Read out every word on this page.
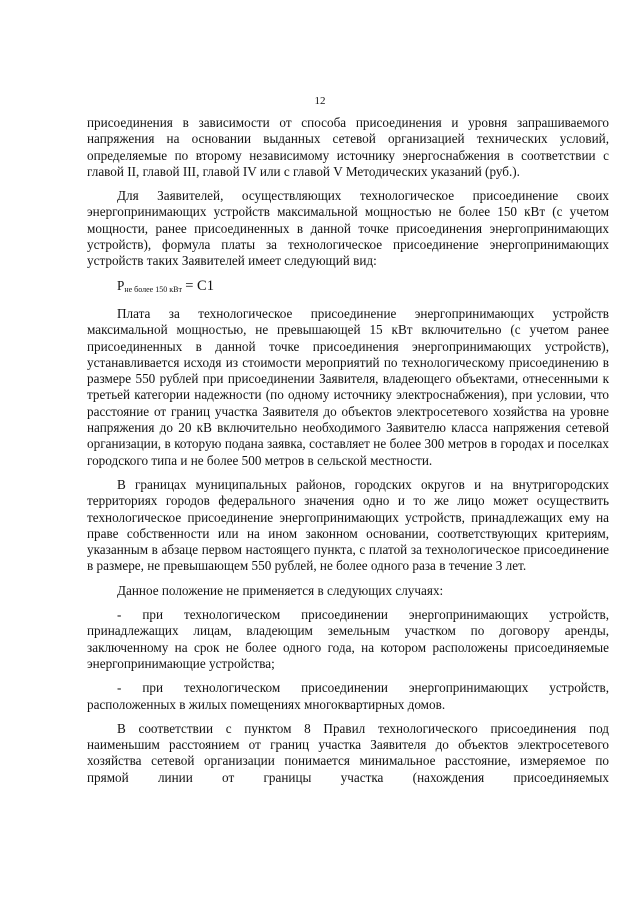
12

присоединения в зависимости от способа присоединения и уровня запрашиваемого напряжения на основании выданных сетевой организацией технических условий, определяемые по второму независимому источнику энергоснабжения в соответствии с главой II, главой III, главой IV или с главой V Методических указаний (руб.).

Для Заявителей, осуществляющих технологическое присоединение своих энергопринимающих устройств максимальной мощностью не более 150 кВт (с учетом мощности, ранее присоединенных в данной точке присоединения энергопринимающих устройств), формула платы за технологическое присоединение энергопринимающих устройств таких Заявителей имеет следующий вид:

$P_{не более 150 кВт} = С1$

Плата за технологическое присоединение энергопринимающих устройств максимальной мощностью, не превышающей 15 кВт включительно (с учетом ранее присоединенных в данной точке присоединения энергопринимающих устройств), устанавливается исходя из стоимости мероприятий по технологическому присоединению в размере 550 рублей при присоединении Заявителя, владеющего объектами, отнесенными к третьей категории надежности (по одному источнику электроснабжения), при условии, что расстояние от границ участка Заявителя до объектов электросетевого хозяйства на уровне напряжения до 20 кВ включительно необходимого Заявителю класса напряжения сетевой организации, в которую подана заявка, составляет не более 300 метров в городах и поселках городского типа и не более 500 метров в сельской местности.

В границах муниципальных районов, городских округов и на внутригородских территориях городов федерального значения одно и то же лицо может осуществить технологическое присоединение энергопринимающих устройств, принадлежащих ему на праве собственности или на ином законном основании, соответствующих критериям, указанным в абзаце первом настоящего пункта, с платой за технологическое присоединение в размере, не превышающем 550 рублей, не более одного раза в течение 3 лет.

Данное положение не применяется в следующих случаях:

- при технологическом присоединении энергопринимающих устройств, принадлежащих лицам, владеющим земельным участком по договору аренды, заключенному на срок не более одного года, на котором расположены присоединяемые энергопринимающие устройства;

- при технологическом присоединении энергопринимающих устройств, расположенных в жилых помещениях многоквартирных домов.

В соответствии с пунктом 8 Правил технологического присоединения под наименьшим расстоянием от границ участка Заявителя до объектов электросетевого хозяйства сетевой организации понимается минимальное расстояние, измеряемое по прямой линии от границы участка (нахождения присоединяемых
